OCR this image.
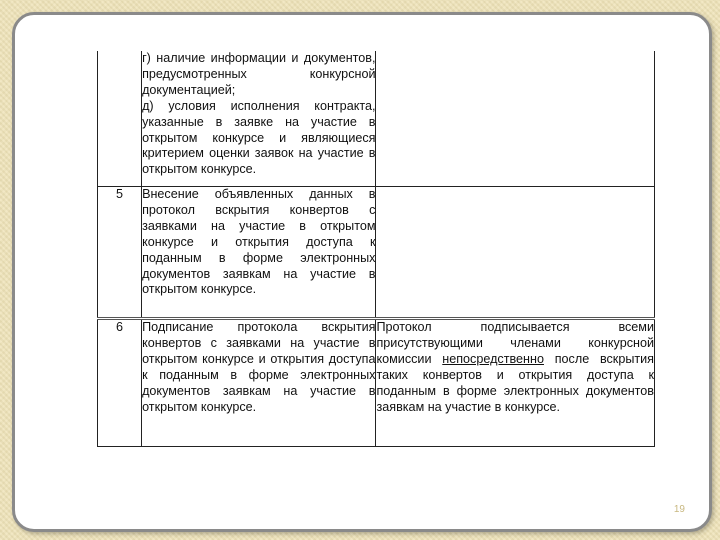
	г) наличие информации и документов, предусмотренных конкурсной документацией;
д) условия исполнения контракта, указанные в заявке на участие в открытом конкурсе и являющиеся критерием оценки заявок на участие в открытом конкурсе.	

5	Внесение объявленных данных в протокол вскрытия конвертов с заявками на участие в открытом конкурсе и открытия доступа к поданным в форме электронных документов заявкам на участие в открытом конкурсе.	
6	Подписание протокола вскрытия конвертов с заявками на участие в открытом конкурсе и открытия доступа к поданным в форме электронных документов заявкам на участие в открытом конкурсе.	Протокол подписывается всеми присутствующими членами конкурсной комиссии непосредственно после вскрытия таких конвертов и открытия доступа к поданным в форме электронных документов заявкам на участие в конкурсе.
19
